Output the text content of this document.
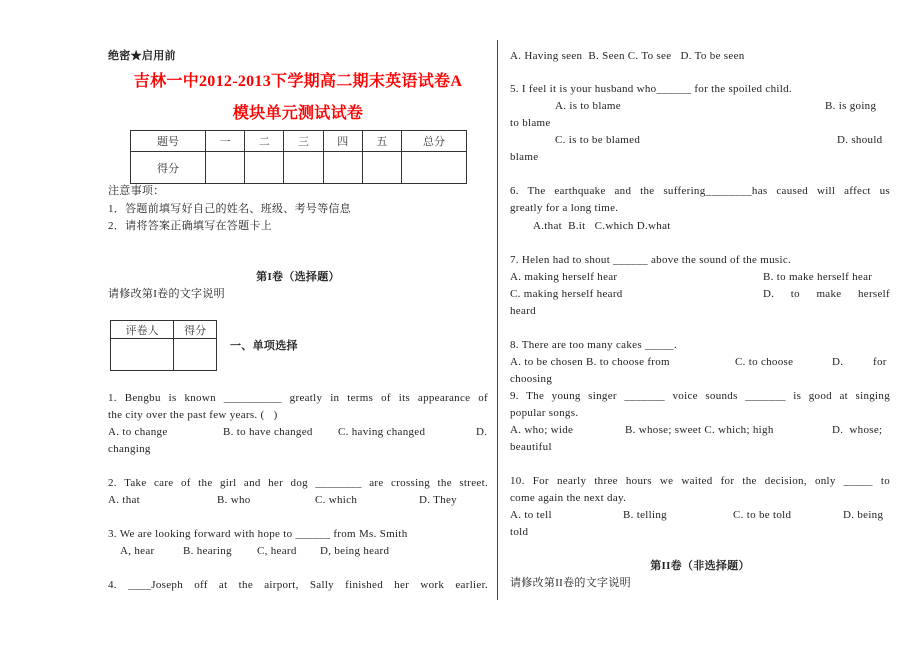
绝密★启用前
吉林一中2012-2013下学期高二期末英语试卷A
模块单元测试试卷
题号	一	二	三	四	五	总分
得分						
注意事项：
1．答题前填写好自己的姓名、班级、考号等信息
2．请将答案正确填写在答题卡上
第I卷（选择题）
请修改第I卷的文字说明
评卷人	得分

一、单项选择
1. Bengbu is known __________ greatly in terms of its appearance of
the city over the past few years. (   )
A. to change	B. to have changed C. having changed	D.
changing
2. Take care of the girl and her dog ________ are crossing the street.
A. that	B. who	C. which	D. They
3. We are looking forward with hope to ______ from Ms. Smith
A, hear	B. hearing C, heard D, being heard
4. ____Joseph off at the airport, Sally finished her work earlier.
A. Having seen  B. Seen C. To see   D. To be seen
5. I feel it is your husband who______ for the spoiled child.
A. is to blame	B. is going
to blame
C. is to be blamed	D. should
blame
6. The earthquake and the suffering________has caused will affect us
greatly for a long time.
A.that  B.it   C.which D.what
7. Helen had to shout ______ above the sound of the music.
A. making herself hear	B. to make herself hear
C. making herself heard	D. to make herself
heard
8. There are too many cakes _____.
A. to be chosen B. to choose from	C. to choose	D.	for
choosing
9. The young singer _______ voice sounds _______ is good at singing
popular songs.
A. who; wide	B. whose; sweet C. which; high	D.  whose;
beautiful
10. For nearly three hours we waited for the decision, only _____ to
come again the next day.
A. to tell	B. telling	C. to be told	D. being
told
第II卷（非选择题）
请修改第II卷的文字说明
